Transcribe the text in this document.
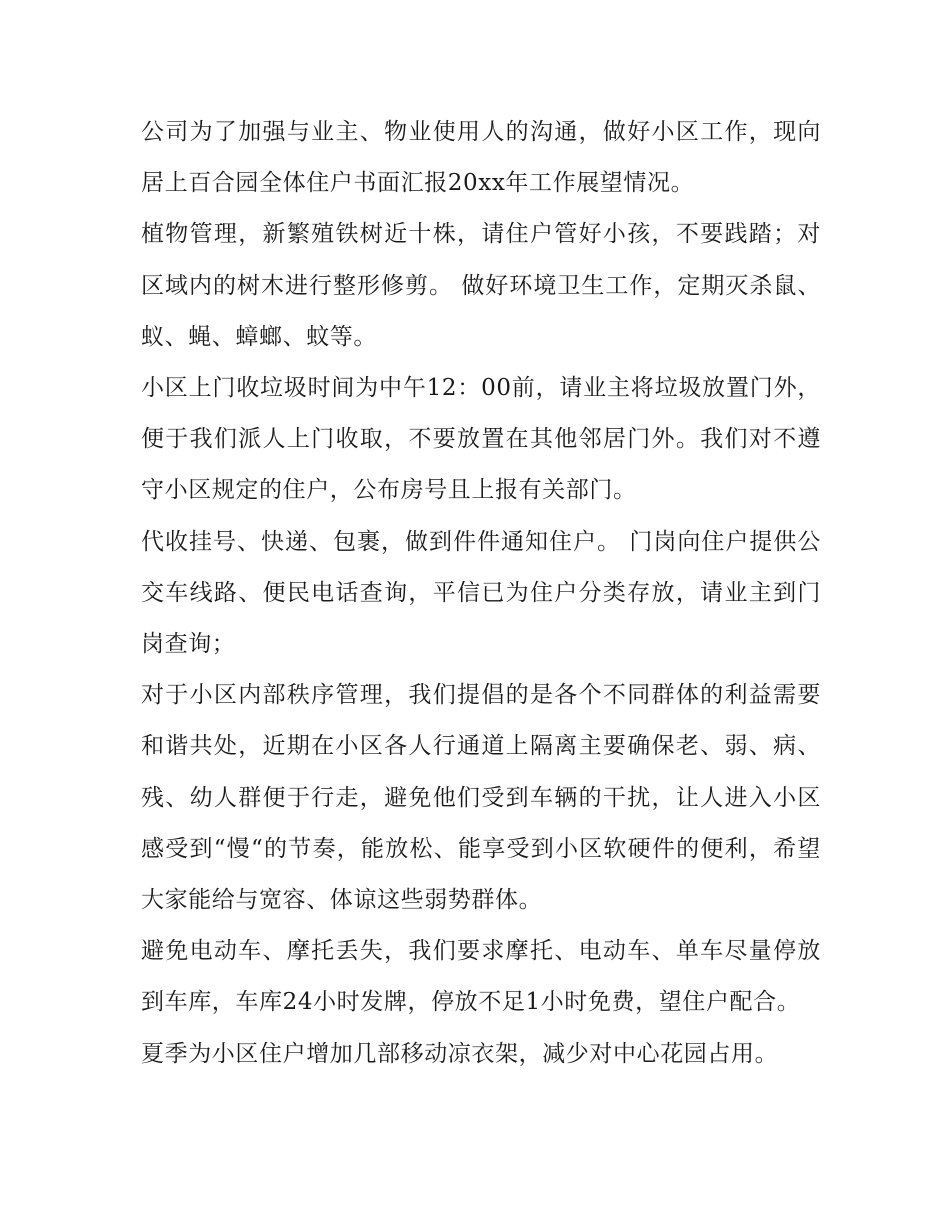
公司为了加强与业主、物业使用人的沟通，做好小区工作，现向居上百合园全体住户书面汇报20xx年工作展望情况。

植物管理，新繁殖铁树近十株，请住户管好小孩，不要践踏；对区域内的树木进行整形修剪。 做好环境卫生工作，定期灭杀鼠、蚁、蝇、蟑螂、蚊等。

小区上门收垃圾时间为中午12：00前，请业主将垃圾放置门外，便于我们派人上门收取，不要放置在其他邻居门外。我们对不遵守小区规定的住户，公布房号且上报有关部门。

代收挂号、快递、包裹，做到件件通知住户。 门岗向住户提供公交车线路、便民电话查询，平信已为住户分类存放，请业主到门岗查询；

对于小区内部秩序管理，我们提倡的是各个不同群体的利益需要和谐共处，近期在小区各人行通道上隔离主要确保老、弱、病、残、幼人群便于行走，避免他们受到车辆的干扰，让人进入小区感受到“慢“的节奏，能放松、能享受到小区软硬件的便利，希望大家能给与宽容、体谅这些弱势群体。

避免电动车、摩托丢失，我们要求摩托、电动车、单车尽量停放到车库，车库24小时发牌，停放不足1小时免费，望住户配合。

夏季为小区住户增加几部移动凉衣架，减少对中心花园占用。
